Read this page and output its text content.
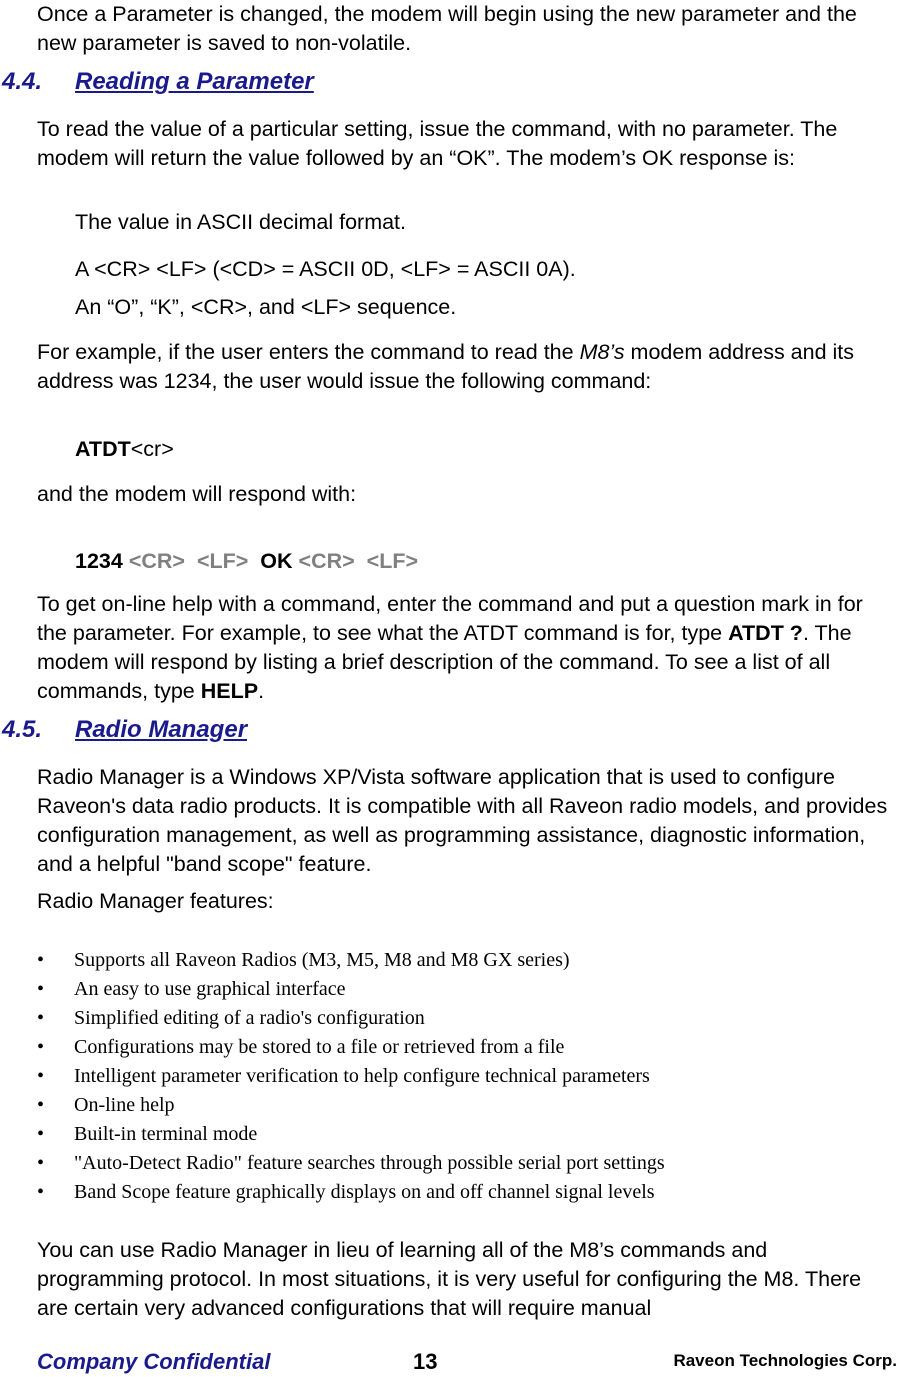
Once a Parameter is changed, the modem will begin using the new parameter and the new parameter is saved to non-volatile.

4.4. Reading a Parameter

To read the value of a particular setting, issue the command, with no parameter. The modem will return the value followed by an “OK”. The modem’s OK response is:

The value in ASCII decimal format.

A <CR> <LF> (<CD> = ASCII 0D, <LF> = ASCII 0A).

An “O”, “K”, <CR>, and <LF> sequence.

For example, if the user enters the command to read the M8’s modem address and its address was 1234, the user would issue the following command:

ATDT<cr>

and the modem will respond with:

1234 <CR> <LF> OK <CR> <LF>

To get on-line help with a command, enter the command and put a question mark in for the parameter. For example, to see what the ATDT command is for, type ATDT ?. The modem will respond by listing a brief description of the command. To see a list of all commands, type HELP.

4.5. Radio Manager

Radio Manager is a Windows XP/Vista software application that is used to configure Raveon's data radio products. It is compatible with all Raveon radio models, and provides configuration management, as well as programming assistance, diagnostic information, and a helpful "band scope" feature.

Radio Manager features:

• Supports all Raveon Radios (M3, M5, M8 and M8 GX series)
• An easy to use graphical interface
• Simplified editing of a radio's configuration
• Configurations may be stored to a file or retrieved from a file
• Intelligent parameter verification to help configure technical parameters
• On-line help
• Built-in terminal mode
• "Auto-Detect Radio" feature searches through possible serial port settings
• Band Scope feature graphically displays on and off channel signal levels

You can use Radio Manager in lieu of learning all of the M8’s commands and programming protocol. In most situations, it is very useful for configuring the M8. There are certain very advanced configurations that will require manual

Company Confidential	13	Raveon Technologies Corp.
